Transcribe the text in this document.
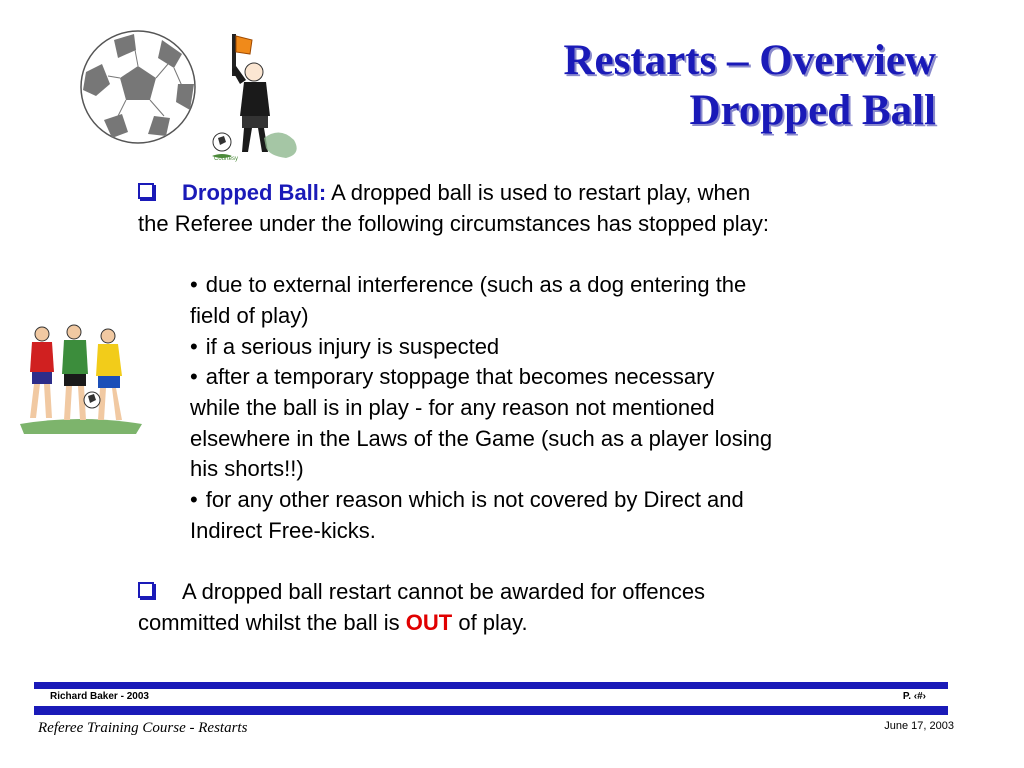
Courtesy
Restarts – Overview
Dropped Ball

Dropped Ball: A dropped ball is used to restart play, when
the Referee under the following circumstances has stopped play:

• due to external interference (such as a dog entering the
field of play)

• if a serious injury is suspected

• after a temporary stoppage that becomes necessary
while the ball is in play - for any reason not mentioned
elsewhere in the Laws of the Game (such as a player losing
his shorts!!)

• for any other reason which is not covered by Direct and
Indirect Free-kicks.

A dropped ball restart cannot be awarded for offences
committed whilst the ball is OUT of play.

Richard Baker - 2003	P. ‹#›
Referee Training Course - Restarts	June 17, 2003
